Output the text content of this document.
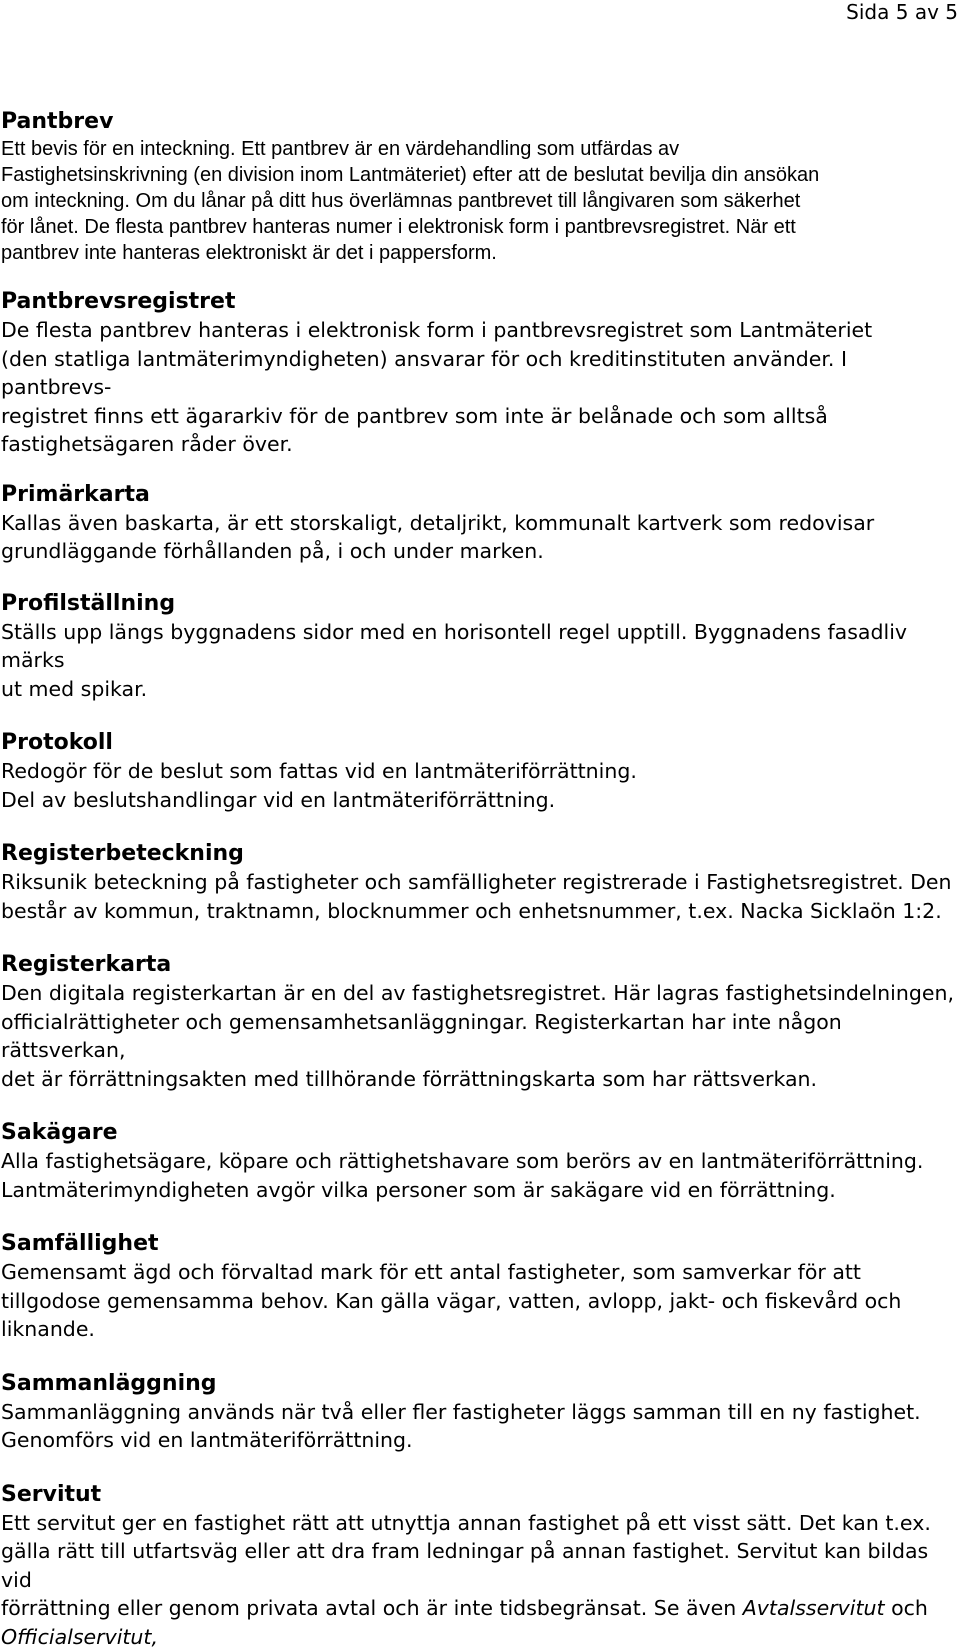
Sida 5 av 5

Pantbrev

Ett bevis för en inteckning. Ett pantbrev är en värdehandling som utfärdas av
Fastighetsinskrivning (en division inom Lantmäteriet) efter att de beslutat bevilja din ansökan
om inteckning. Om du lånar på ditt hus överlämnas pantbrevet till långivaren som säkerhet
för lånet. De flesta pantbrev hanteras numer i elektronisk form i pantbrevsregistret. När ett
pantbrev inte hanteras elektroniskt är det i pappersform.

Pantbrevsregistret

De flesta pantbrev hanteras i elektronisk form i pantbrevsregistret som Lantmäteriet
(den statliga lantmäterimyndigheten) ansvarar för och kreditinstituten använder. I pantbrevs-
registret finns ett ägararkiv för de pantbrev som inte är belånade och som alltså
fastighetsägaren råder över.

Primärkarta

Kallas även baskarta, är ett storskaligt, detaljrikt, kommunalt kartverk som redovisar
grundläggande förhållanden på, i och under marken.

Profilställning

Ställs upp längs byggnadens sidor med en horisontell regel upptill. Byggnadens fasadliv märks
ut med spikar.

Protokoll

Redogör för de beslut som fattas vid en lantmäteriförrättning.
Del av beslutshandlingar vid en lantmäteriförrättning.

Registerbeteckning

Riksunik beteckning på fastigheter och samfälligheter registrerade i Fastighetsregistret. Den
består av kommun, traktnamn, blocknummer och enhetsnummer, t.ex. Nacka Sicklaön 1:2.

Registerkarta

Den digitala registerkartan är en del av fastighetsregistret. Här lagras fastighetsindelningen,
officialrättigheter och gemensamhetsanläggningar. Registerkartan har inte någon rättsverkan,
det är förrättningsakten med tillhörande förrättningskarta som har rättsverkan.

Sakägare

Alla fastighetsägare, köpare och rättighetshavare som berörs av en lantmäteriförrättning.
Lantmäterimyndigheten avgör vilka personer som är sakägare vid en förrättning.

Samfällighet

Gemensamt ägd och förvaltad mark för ett antal fastigheter, som samverkar för att
tillgodose gemensamma behov. Kan gälla vägar, vatten, avlopp, jakt- och fiskevård och
liknande.

Sammanläggning

Sammanläggning används när två eller fler fastigheter läggs samman till en ny fastighet.
Genomförs vid en lantmäteriförrättning.

Servitut

Ett servitut ger en fastighet rätt att utnyttja annan fastighet på ett visst sätt. Det kan t.ex.
gälla rätt till utfartsväg eller att dra fram ledningar på annan fastighet. Servitut kan bildas vid
förrättning eller genom privata avtal och är inte tidsbegränsat. Se även Avtalsservitut och
Officialservitut,
